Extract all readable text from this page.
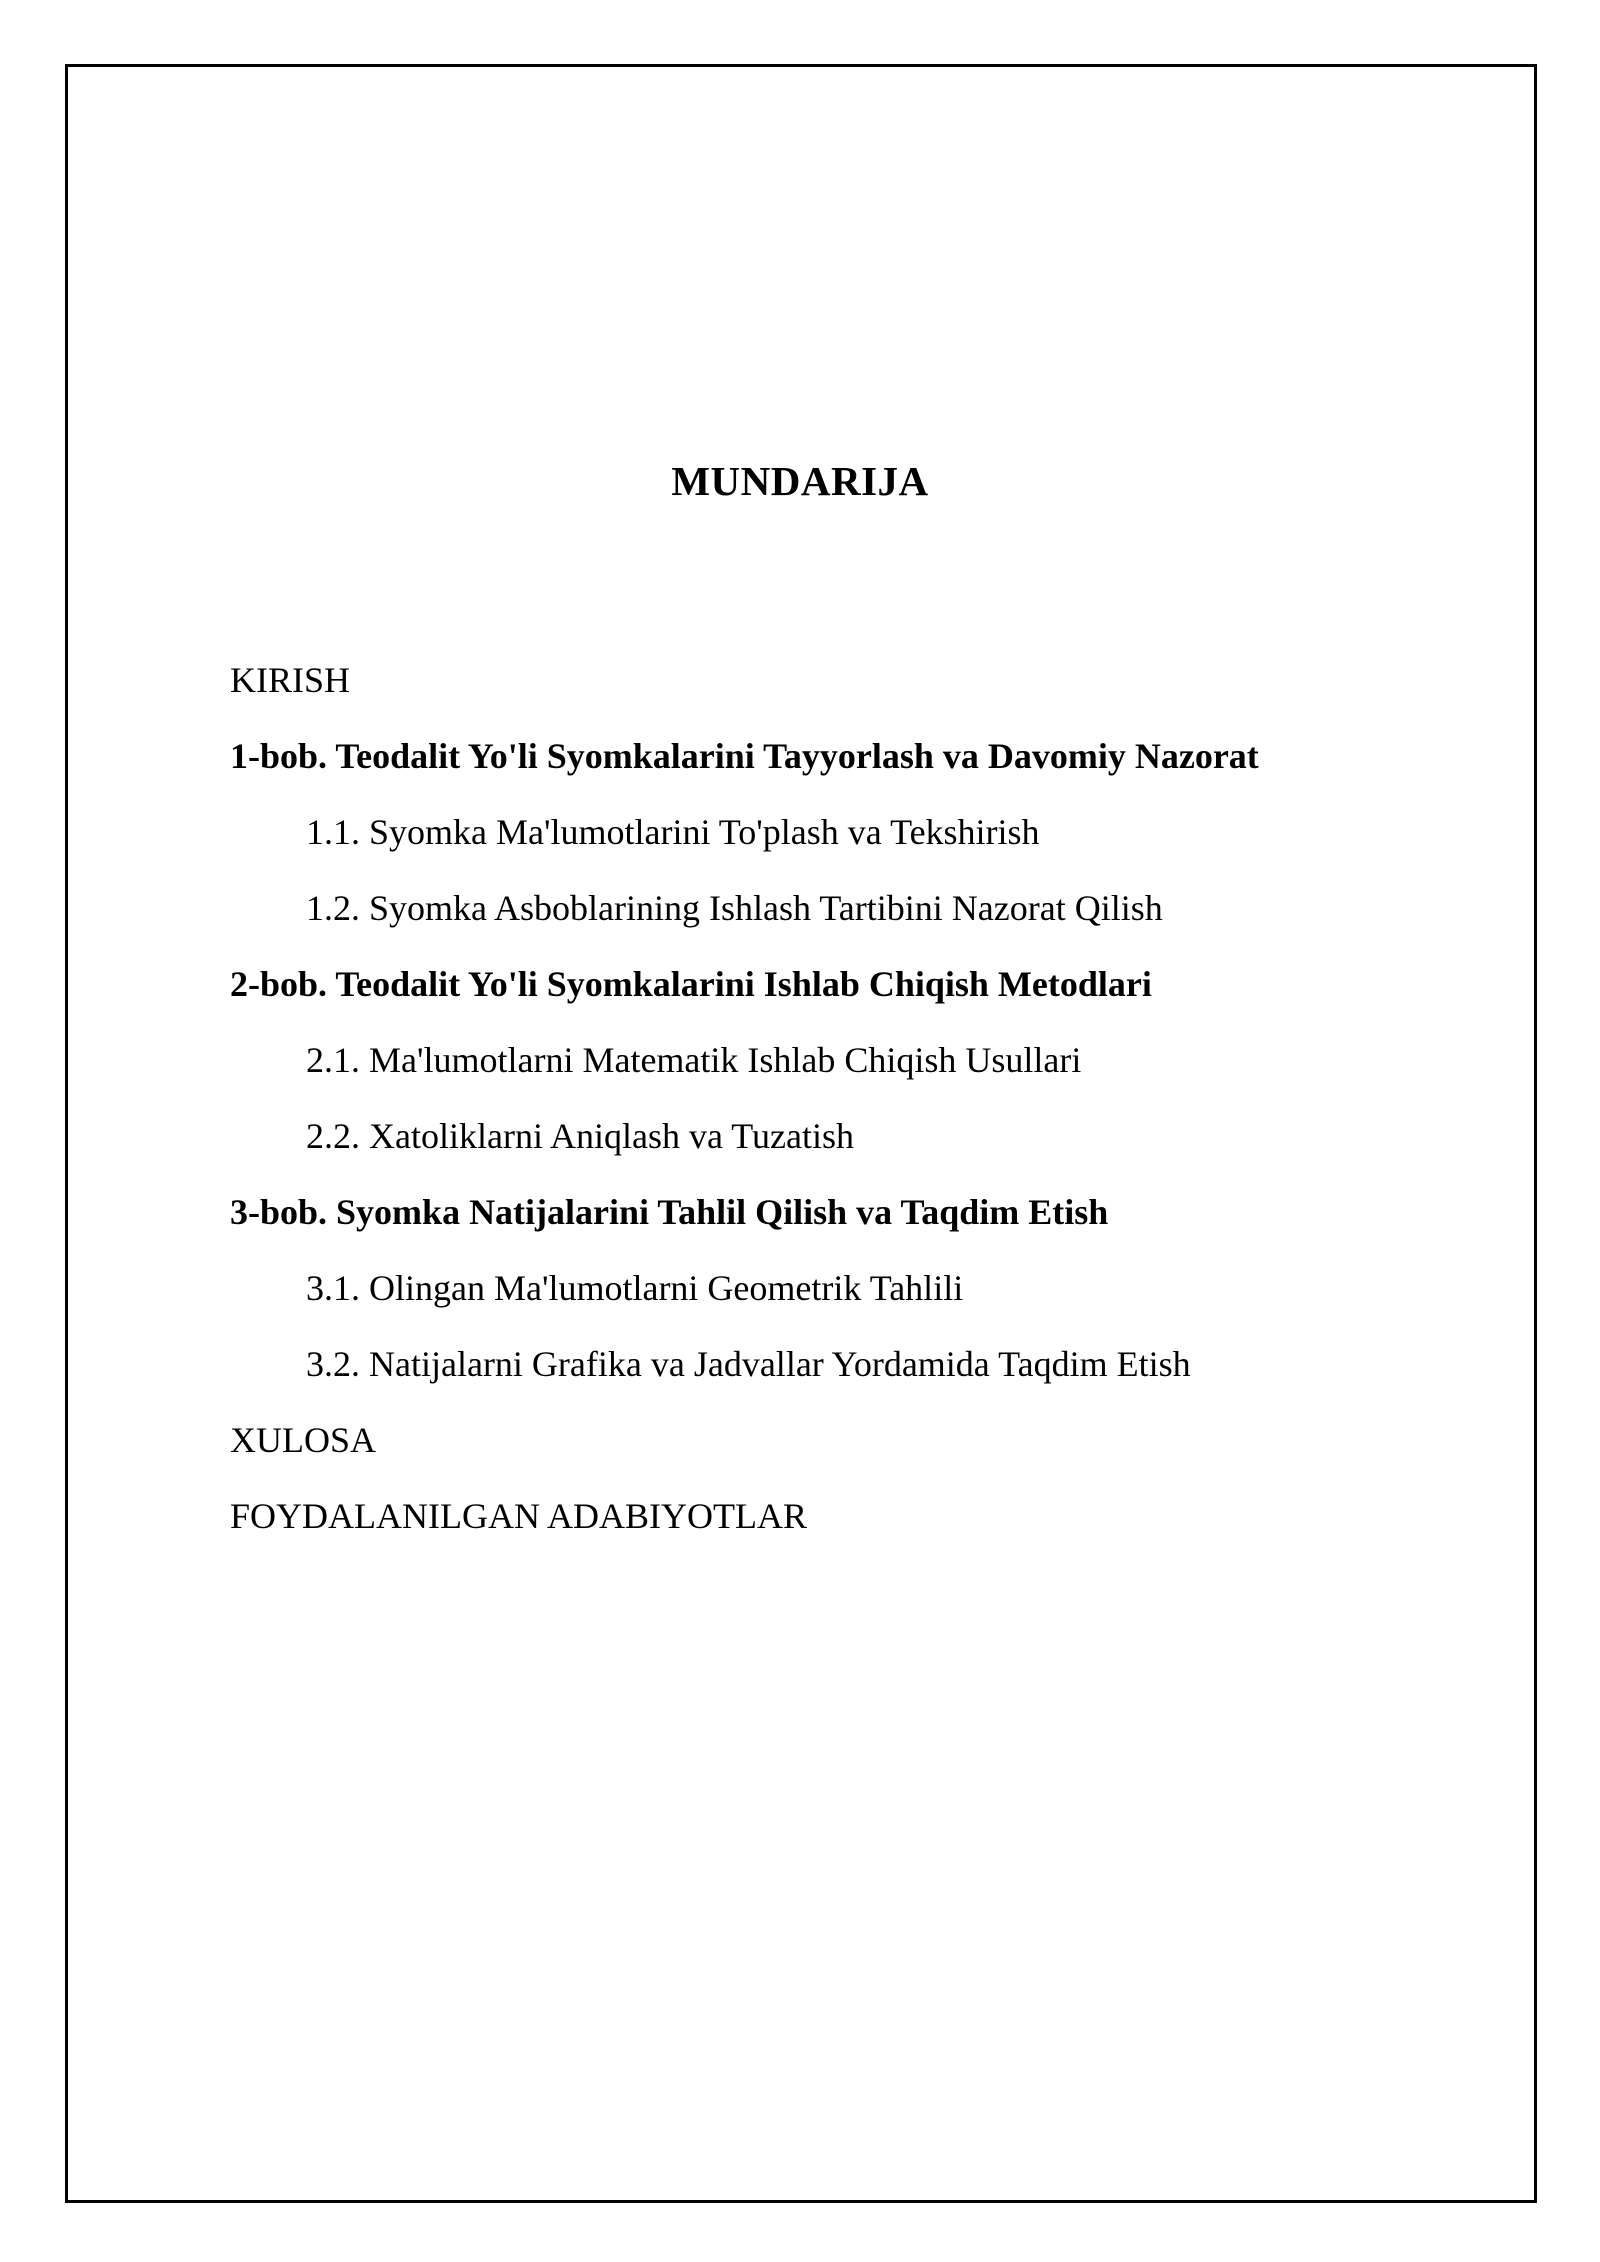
MUNDARIJA
KIRISH
1-bob. Teodalit Yo'li Syomkalarini Tayyorlash va Davomiy Nazorat
1.1. Syomka Ma'lumotlarini To'plash va Tekshirish
1.2. Syomka Asboblarining Ishlash Tartibini Nazorat Qilish
2-bob. Teodalit Yo'li Syomkalarini Ishlab Chiqish Metodlari
2.1. Ma'lumotlarni Matematik Ishlab Chiqish Usullari
2.2. Xatoliklarni Aniqlash va Tuzatish
3-bob. Syomka Natijalarini Tahlil Qilish va Taqdim Etish
3.1. Olingan Ma'lumotlarni Geometrik Tahlili
3.2. Natijalarni Grafika va Jadvallar Yordamida Taqdim Etish
XULOSA
FOYDALANILGAN ADABIYOTLAR
